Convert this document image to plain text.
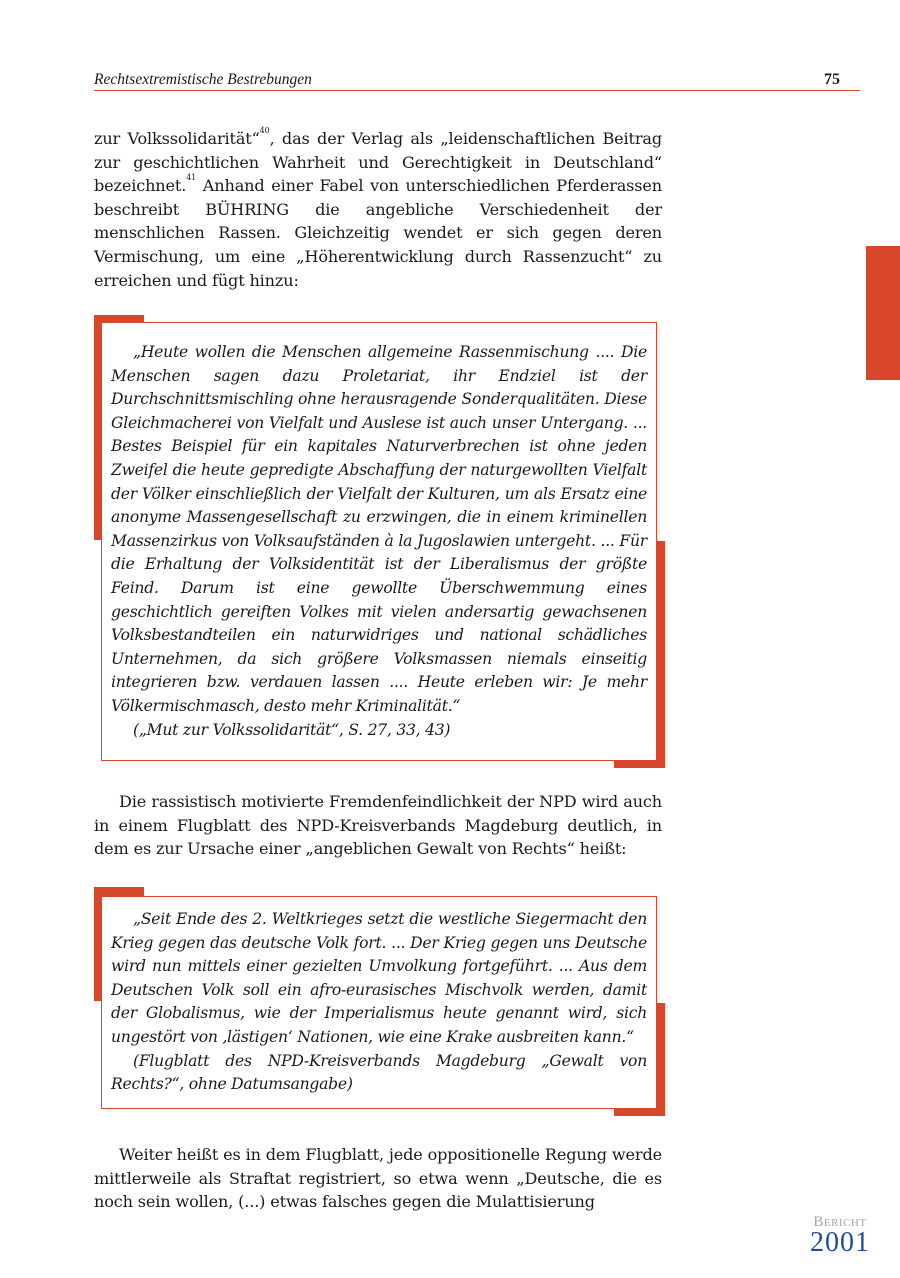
Rechtsextremistische Bestrebungen	75

zur Volkssolidarität“$^{40}$, das der Verlag als „leidenschaftlichen Beitrag zur geschichtlichen Wahrheit und Gerechtigkeit in Deutschland“ bezeichnet.$^{41}$ Anhand einer Fabel von unterschiedlichen Pferderassen beschreibt BÜHRING die angebliche Verschiedenheit der menschlichen Rassen. Gleichzeitig wendet er sich gegen deren Vermischung, um eine „Höherentwicklung durch Rassenzucht“ zu erreichen und fügt hinzu:

„Heute wollen die Menschen allgemeine Rassenmischung .... Die Menschen sagen dazu Proletariat, ihr Endziel ist der Durchschnittsmischling ohne herausragende Sonderqualitäten. Diese Gleichmacherei von Vielfalt und Auslese ist auch unser Untergang. ... Bestes Beispiel für ein kapitales Naturverbrechen ist ohne jeden Zweifel die heute gepredigte Abschaffung der naturgewollten Vielfalt der Völker einschließlich der Vielfalt der Kulturen, um als Ersatz eine anonyme Massengesellschaft zu erzwingen, die in einem kriminellen Massenzirkus von Volksaufständen à la Jugoslawien untergeht. ... Für die Erhaltung der Volksidentität ist der Liberalismus der größte Feind. Darum ist eine gewollte Überschwemmung eines geschichtlich gereiften Volkes mit vielen andersartig gewachsenen Volksbestandteilen ein naturwidriges und national schädliches Unternehmen, da sich größere Volksmassen niemals einseitig integrieren bzw. verdauen lassen .... Heute erleben wir: Je mehr Völkermischmasch, desto mehr Kriminalität.“
(„Mut zur Volkssolidarität“, S. 27, 33, 43)

Die rassistisch motivierte Fremdenfeindlichkeit der NPD wird auch in einem Flugblatt des NPD-Kreisverbands Magdeburg deutlich, in dem es zur Ursache einer „angeblichen Gewalt von Rechts“ heißt:

„Seit Ende des 2. Weltkrieges setzt die westliche Siegermacht den Krieg gegen das deutsche Volk fort. ... Der Krieg gegen uns Deutsche wird nun mittels einer gezielten Umvolkung fortgeführt. ... Aus dem Deutschen Volk soll ein afro-eurasisches Mischvolk werden, damit der Globalismus, wie der Imperialismus heute genannt wird, sich ungestört von ‚lästigen‘ Nationen, wie eine Krake ausbreiten kann.“
(Flugblatt des NPD-Kreisverbands Magdeburg „Gewalt von Rechts?“, ohne Datumsangabe)

Weiter heißt es in dem Flugblatt, jede oppositionelle Regung werde mittlerweile als Straftat registriert, so etwa wenn „Deutsche, die es noch sein wollen, (...) etwas falsches gegen die Mulattisierung

Bericht
2001
